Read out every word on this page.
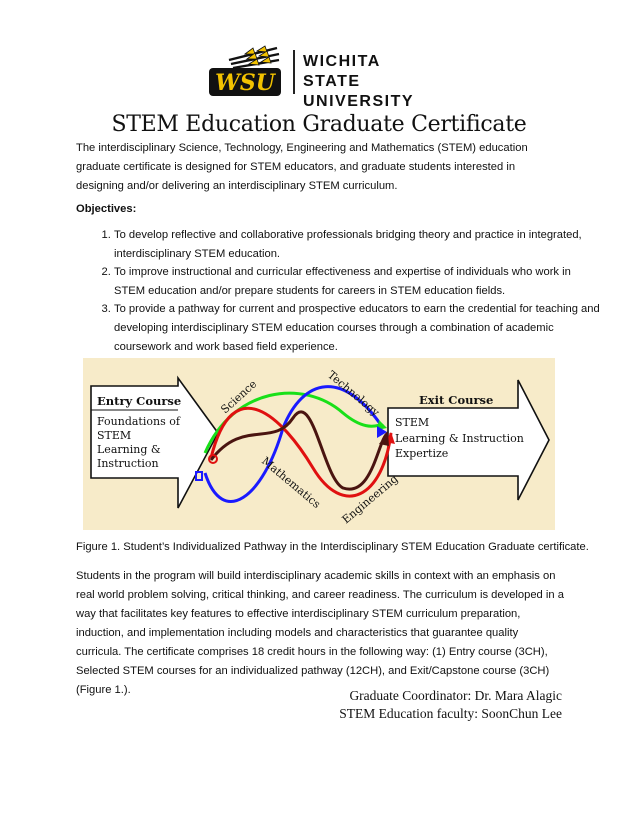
WSU
WICHITA STATE
UNIVERSITY
STEM Education Graduate Certificate
The interdisciplinary Science, Technology, Engineering and Mathematics (STEM) education graduate certificate is designed for STEM educators, and graduate students interested in designing and/or delivering an interdisciplinary STEM curriculum.
Objectives:
1. To develop reflective and collaborative professionals bridging theory and practice in integrated, interdisciplinary STEM education.
2. To improve instructional and curricular effectiveness and expertise of individuals who work in STEM education and/or prepare students for careers in STEM education fields.
3. To provide a pathway for current and prospective educators to earn the credential for teaching and developing interdisciplinary STEM education courses through a combination of academic coursework and work based field experience.
Entry Course
Foundations of
STEM
Learning &
Instruction
Exit Course
STEM
Learning & Instruction
Expertize
Science	Technology
Mathematics Engineering
Figure 1. Student’s Individualized Pathway in the Interdisciplinary STEM Education Graduate certificate.
Students in the program will build interdisciplinary academic skills in context with an emphasis on real world problem solving, critical thinking, and career readiness. The curriculum is developed in a way that facilitates key features to effective interdisciplinary STEM curriculum preparation, induction, and implementation including models and characteristics that guarantee quality curricula. The certificate comprises 18 credit hours in the following way: (1) Entry course (3CH), Selected STEM courses for an individualized pathway (12CH), and Exit/Capstone course (3CH) (Figure 1.).	Graduate Coordinator: Dr. Mara Alagic
STEM Education faculty: SoonChun Lee
